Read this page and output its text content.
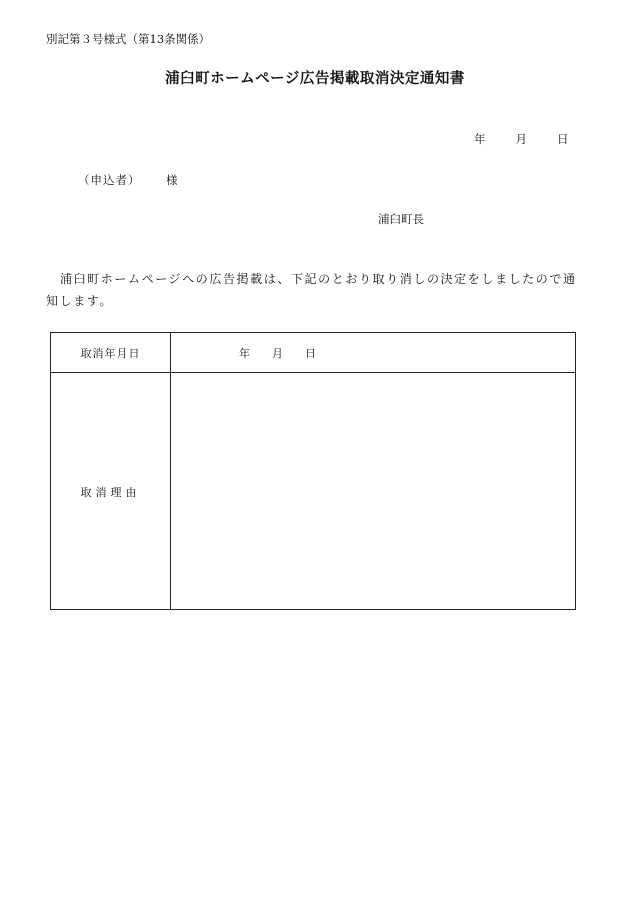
別記第３号様式（第13条関係）
浦臼町ホームページ広告掲載取消決定通知書
年	月	日
（申込者） 様
浦臼町長
浦臼町ホームページへの広告掲載は、下記のとおり取り消しの決定をしましたので通知します。
取消年月日	年　　月　　日
取消理由
